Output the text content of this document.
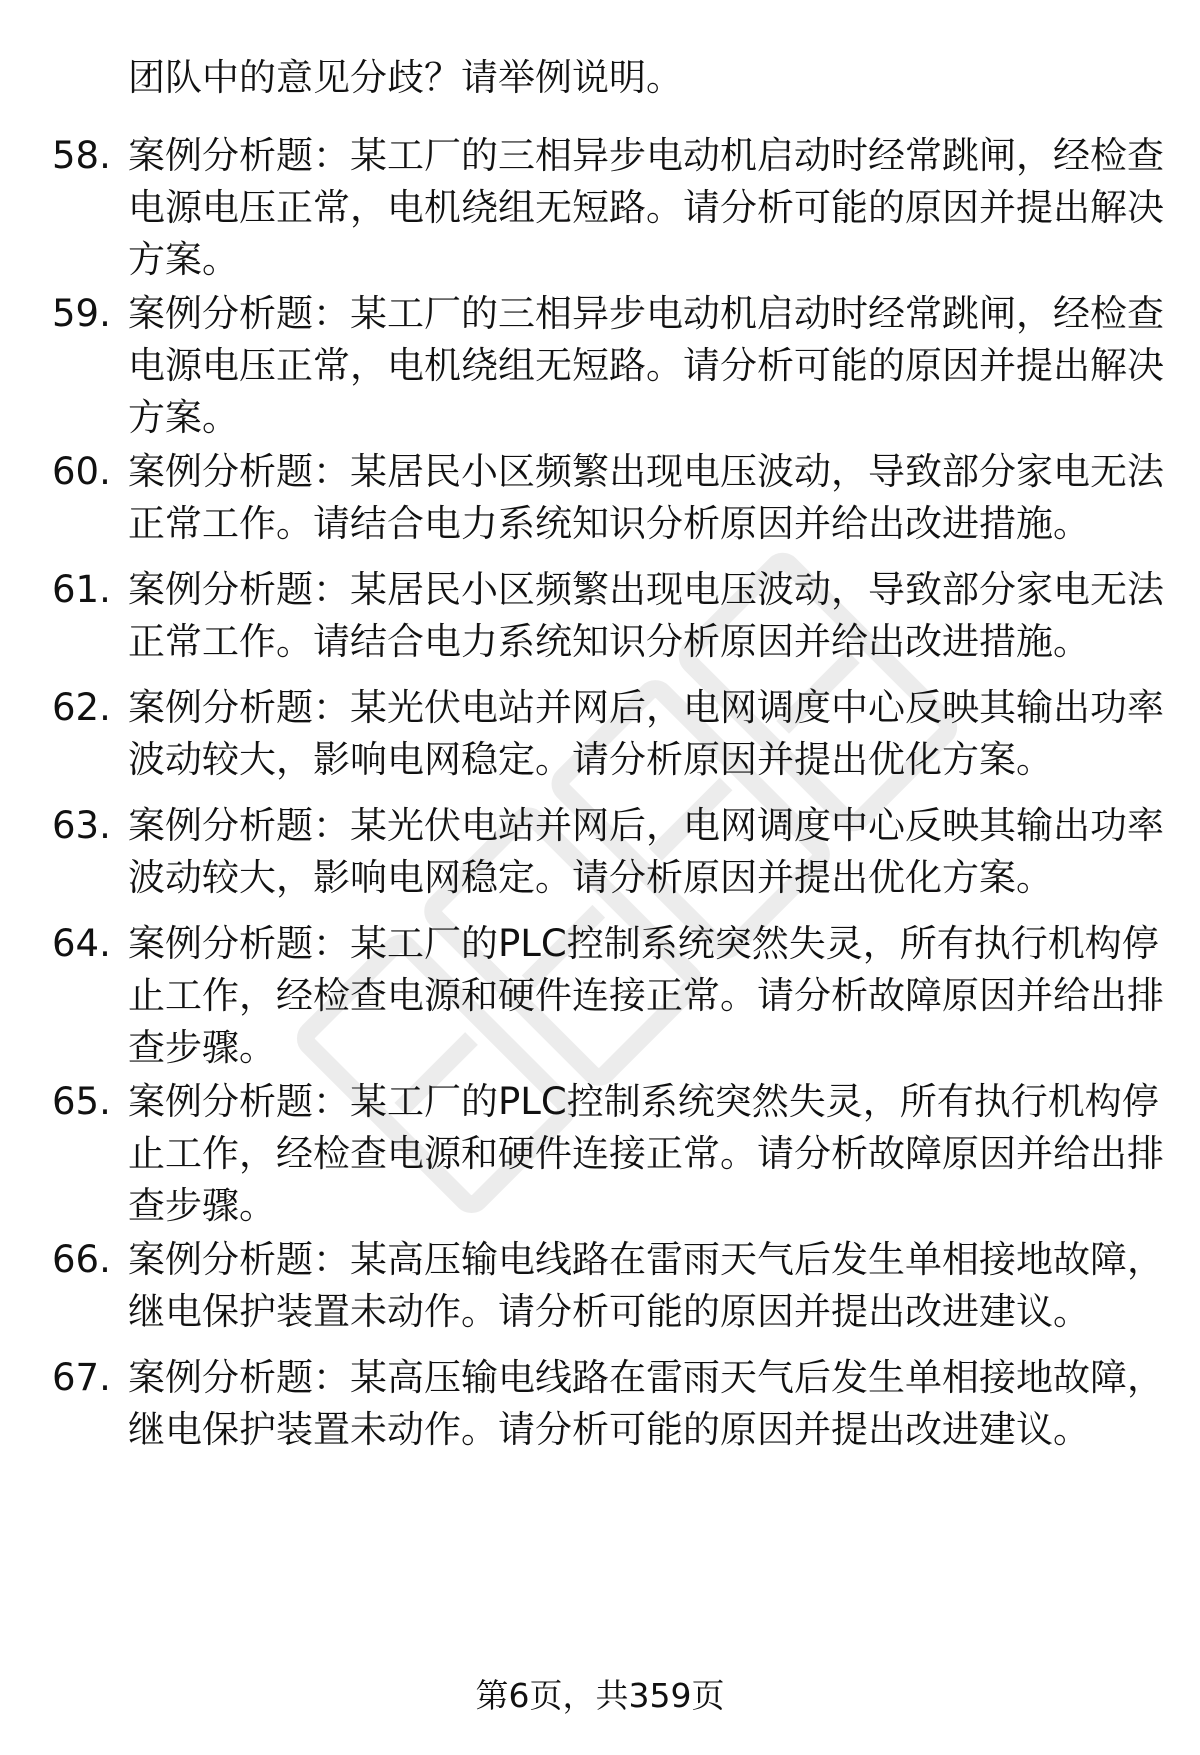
团队中的意见分歧？请举例说明。
58. 案例分析题：某工厂的三相异步电动机启动时经常跳闸，经检查电源电压正常，电机绕组无短路。请分析可能的原因并提出解决方案。
59. 案例分析题：某工厂的三相异步电动机启动时经常跳闸，经检查电源电压正常，电机绕组无短路。请分析可能的原因并提出解决方案。
60. 案例分析题：某居民小区频繁出现电压波动，导致部分家电无法正常工作。请结合电力系统知识分析原因并给出改进措施。
61. 案例分析题：某居民小区频繁出现电压波动，导致部分家电无法正常工作。请结合电力系统知识分析原因并给出改进措施。
62. 案例分析题：某光伏电站并网后，电网调度中心反映其输出功率波动较大，影响电网稳定。请分析原因并提出优化方案。
63. 案例分析题：某光伏电站并网后，电网调度中心反映其输出功率波动较大，影响电网稳定。请分析原因并提出优化方案。
64. 案例分析题：某工厂的PLC控制系统突然失灵，所有执行机构停止工作，经检查电源和硬件连接正常。请分析故障原因并给出排查步骤。
65. 案例分析题：某工厂的PLC控制系统突然失灵，所有执行机构停止工作，经检查电源和硬件连接正常。请分析故障原因并给出排查步骤。
66. 案例分析题：某高压输电线路在雷雨天气后发生单相接地故障，继电保护装置未动作。请分析可能的原因并提出改进建议。
67. 案例分析题：某高压输电线路在雷雨天气后发生单相接地故障，继电保护装置未动作。请分析可能的原因并提出改进建议。
第6页，共359页
